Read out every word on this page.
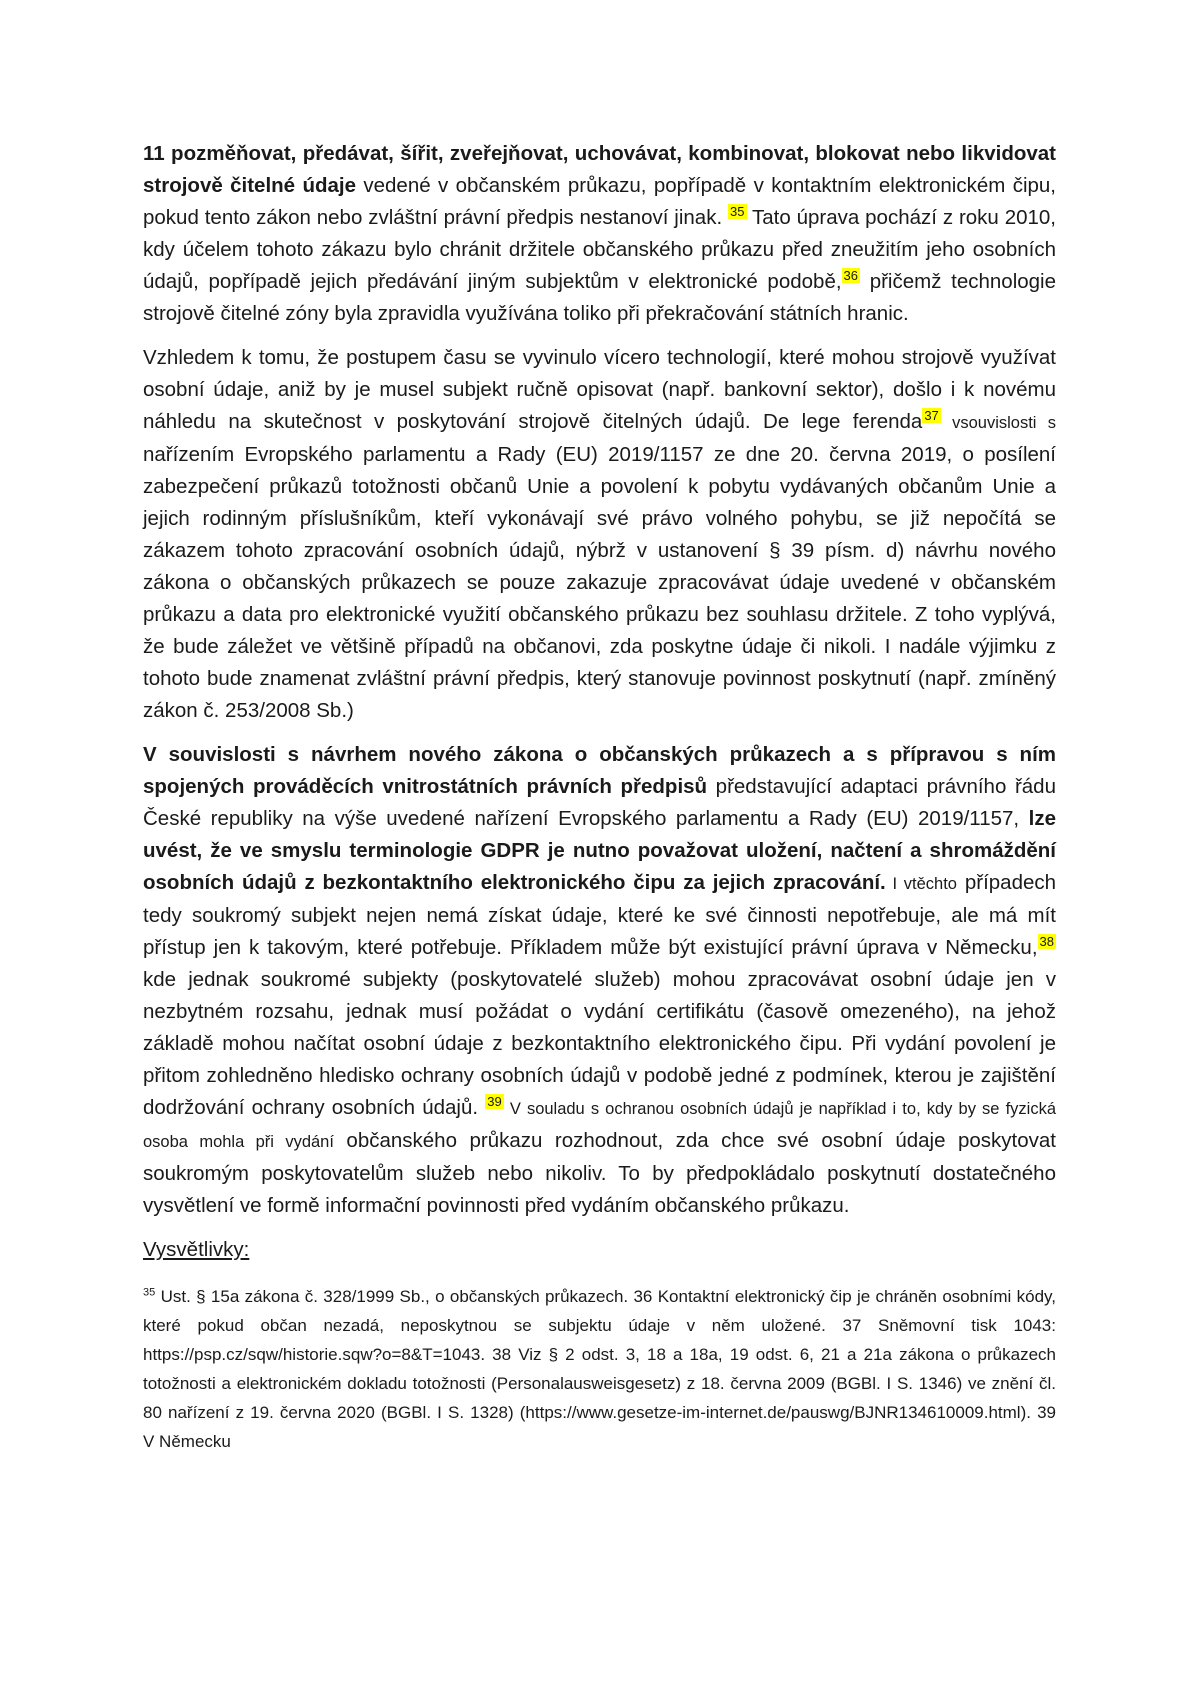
11 pozměňovat, předávat, šířit, zveřejňovat, uchovávat, kombinovat, blokovat nebo likvidovat strojově čitelné údaje vedené v občanském průkazu, popřípadě v kontaktním elektronickém čipu, pokud tento zákon nebo zvláštní právní předpis nestanoví jinak. $^{35}$ Tato úprava pochází z roku 2010, kdy účelem tohoto zákazu bylo chránit držitele občanského průkazu před zneužitím jeho osobních údajů, popřípadě jejich předávání jiným subjektům v elektronické podobě, $^{36}$ přičemž technologie strojově čitelné zóny byla zpravidla využívána toliko při překračování státních hranic.

Vzhledem k tomu, že postupem času se vyvinulo vícero technologií, které mohou strojově využívat osobní údaje, aniž by je musel subjekt ručně opisovat (např. bankovní sektor), došlo i k novému náhledu na skutečnost v poskytování strojově čitelných údajů. De lege ferenda $^{37}$ vsouvislosti s nařízením Evropského parlamentu a Rady (EU) 2019/1157 ze dne 20. června 2019, o posílení zabezpečení průkazů totožnosti občanů Unie a povolení k pobytu vydávaných občanům Unie a jejich rodinným příslušníkům, kteří vykonávají své právo volného pohybu, se již nepočítá se zákazem tohoto zpracování osobních údajů, nýbrž v ustanovení § 39 písm. d) návrhu nového zákona o občanských průkazech se pouze zakazuje zpracovávat údaje uvedené v občanském průkazu a data pro elektronické využití občanského průkazu bez souhlasu držitele. Z toho vyplývá, že bude záležet ve většině případů na občanovi, zda poskytne údaje či nikoli. I nadále výjimku z tohoto bude znamenat zvláštní právní předpis, který stanovuje povinnost poskytnutí (např. zmíněný zákon č. 253/2008 Sb.)

V souvislosti s návrhem nového zákona o občanských průkazech a s přípravou s ním spojených prováděcích vnitrostátních právních předpisů představující adaptaci právního řádu České republiky na výše uvedené nařízení Evropského parlamentu a Rady (EU) 2019/1157, lze uvést, že ve smyslu terminologie GDPR je nutno považovat uložení, načtení a shromáždění osobních údajů z bezkontaktního elektronického čipu za jejich zpracování. I vtěchto případech tedy soukromý subjekt nejen nemá získat údaje, které ke své činnosti nepotřebuje, ale má mít přístup jen k takovým, které potřebuje. Příkladem může být existující právní úprava v Německu, $^{38}$ kde jednak soukromé subjekty (poskytovatelé služeb) mohou zpracovávat osobní údaje jen v nezbytném rozsahu, jednak musí požádat o vydání certifikátu (časově omezeného), na jehož základě mohou načítat osobní údaje z bezkontaktního elektronického čipu. Při vydání povolení je přitom zohledněno hledisko ochrany osobních údajů v podobě jedné z podmínek, kterou je zajištění dodržování ochrany osobních údajů. $^{39}$ V souladu s ochranou osobních údajů je například i to, kdy by se fyzická osoba mohla při vydání občanského průkazu rozhodnout, zda chce své osobní údaje poskytovat soukromým poskytovatelům služeb nebo nikoliv. To by předpokládalo poskytnutí dostatečného vysvětlení ve formě informační povinnosti před vydáním občanského průkazu.

Vysvětlivky:
$^{35}$ Ust. § 15a zákona č. 328/1999 Sb., o občanských průkazech. 36 Kontaktní elektronický čip je chráněn osobními kódy, které pokud občan nezadá, neposkytnou se subjektu údaje v něm uložené. 37 Sněmovní tisk 1043: https://psp.cz/sqw/historie.sqw?o=8&T=1043. 38 Viz § 2 odst. 3, 18 a 18a, 19 odst. 6, 21 a 21a zákona o průkazech totožnosti a elektronickém dokladu totožnosti (Personalausweisgesetz) z 18. června 2009 (BGBl. I S. 1346) ve znění čl. 80 nařízení z 19. června 2020 (BGBl. I S. 1328) (https://www.gesetze-im-internet.de/pauswg/BJNR134610009.html). 39 V Německu
